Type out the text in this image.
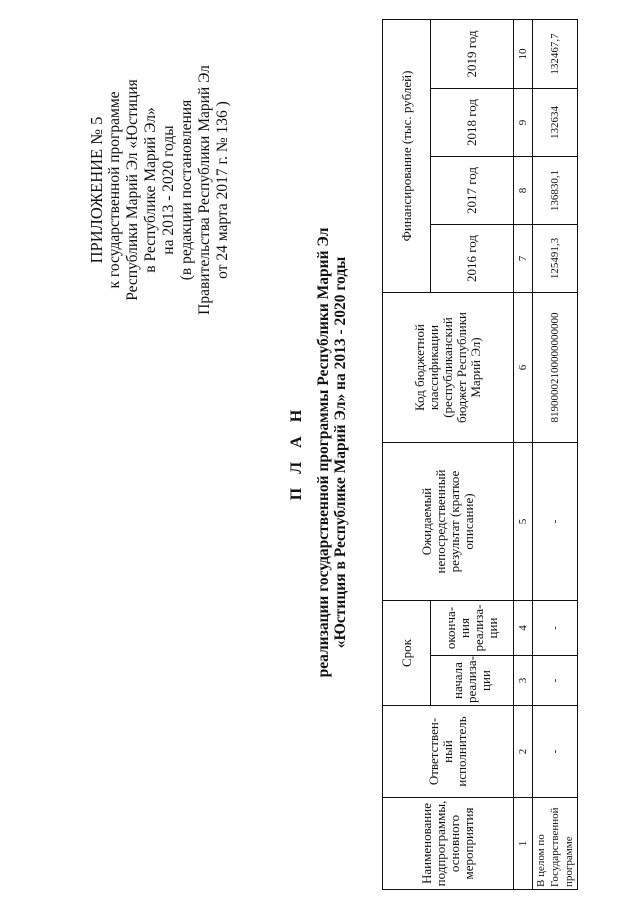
ПРИЛОЖЕНИЕ № 5 к государственной программе Республики Марий Эл «Юстиция в Республике Марий Эл» на 2013 - 2020 годы (в редакции постановления Правительства Республики Марий Эл от 24 марта 2017 г. № 136 )
П Л А Н реализации государственной программы Республики Марий Эл «Юстиция в Республике Марий Эл» на 2013 - 2020 годы
Наименование подпрограммы, основного мероприятия	Ответствен-ный исполнитель	Срок		Ожидаемый непосредственный результат (краткое описание)	Код бюджетной классификации (республиканский бюджет Республики Марий Эл)	Финансирование (тыс. рублей)			
		начала реализа-ции	оконча-ния реализа-ции			2016 год	2017 год	2018 год	2019 год
1	2	3	4	5	6	7	8	9	10
В целом по Государственной программе	-	-	-	-	81900002100000000000	125491,3	136830,1	132634	132467,7
